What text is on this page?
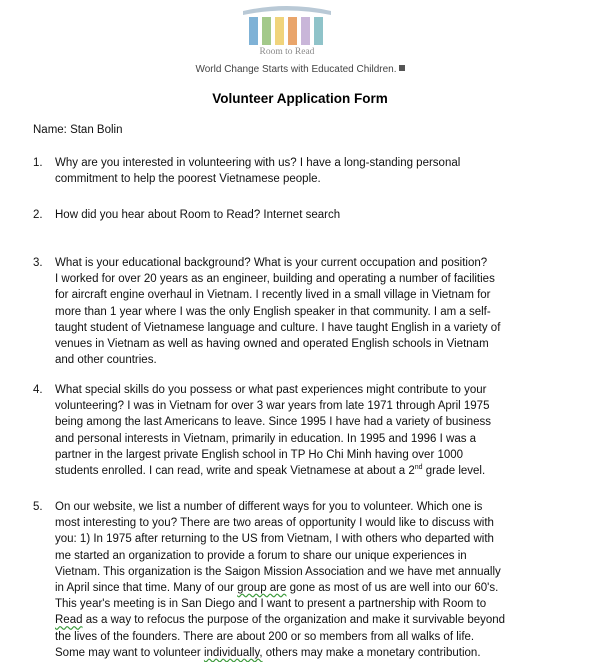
Room to Read
World Change Starts with Educated Children.
Volunteer Application Form
Name: Stan Bolin
1.	Why are you interested in volunteering with us? I have a long-standing personal
commitment to help the poorest Vietnamese people.
2.	How did you hear about Room to Read? Internet search
3.	What is your educational background? What is your current occupation and position?
I worked for over 20 years as an engineer, building and operating a number of facilities
for aircraft engine overhaul in Vietnam. I recently lived in a small village in Vietnam for
more than 1 year where I was the only English speaker in that community. I am a self-
taught student of Vietnamese language and culture. I have taught English in a variety of
venues in Vietnam as well as having owned and operated English schools in Vietnam
and other countries.
4.	What special skills do you possess or what past experiences might contribute to your
volunteering? I was in Vietnam for over 3 war years from late 1971 through April 1975
being among the last Americans to leave. Since 1995 I have had a variety of business
and personal interests in Vietnam, primarily in education. In 1995 and 1996 I was a
partner in the largest private English school in TP Ho Chi Minh having over 1000
students enrolled. I can read, write and speak Vietnamese at about a 2nd grade level.
5.	On our website, we list a number of different ways for you to volunteer. Which one is
most interesting to you? There are two areas of opportunity I would like to discuss with
you: 1) In 1975 after returning to the US from Vietnam, I with others who departed with
me started an organization to provide a forum to share our unique experiences in
Vietnam. This organization is the Saigon Mission Association and we have met annually
in April since that time. Many of our group are gone as most of us are well into our 60's.
This year's meeting is in San Diego and I want to present a partnership with Room to
Read as a way to refocus the purpose of the organization and make it survivable beyond
the lives of the founders. There are about 200 or so members from all walks of life.
Some may want to volunteer individually, others may make a monetary contribution.
